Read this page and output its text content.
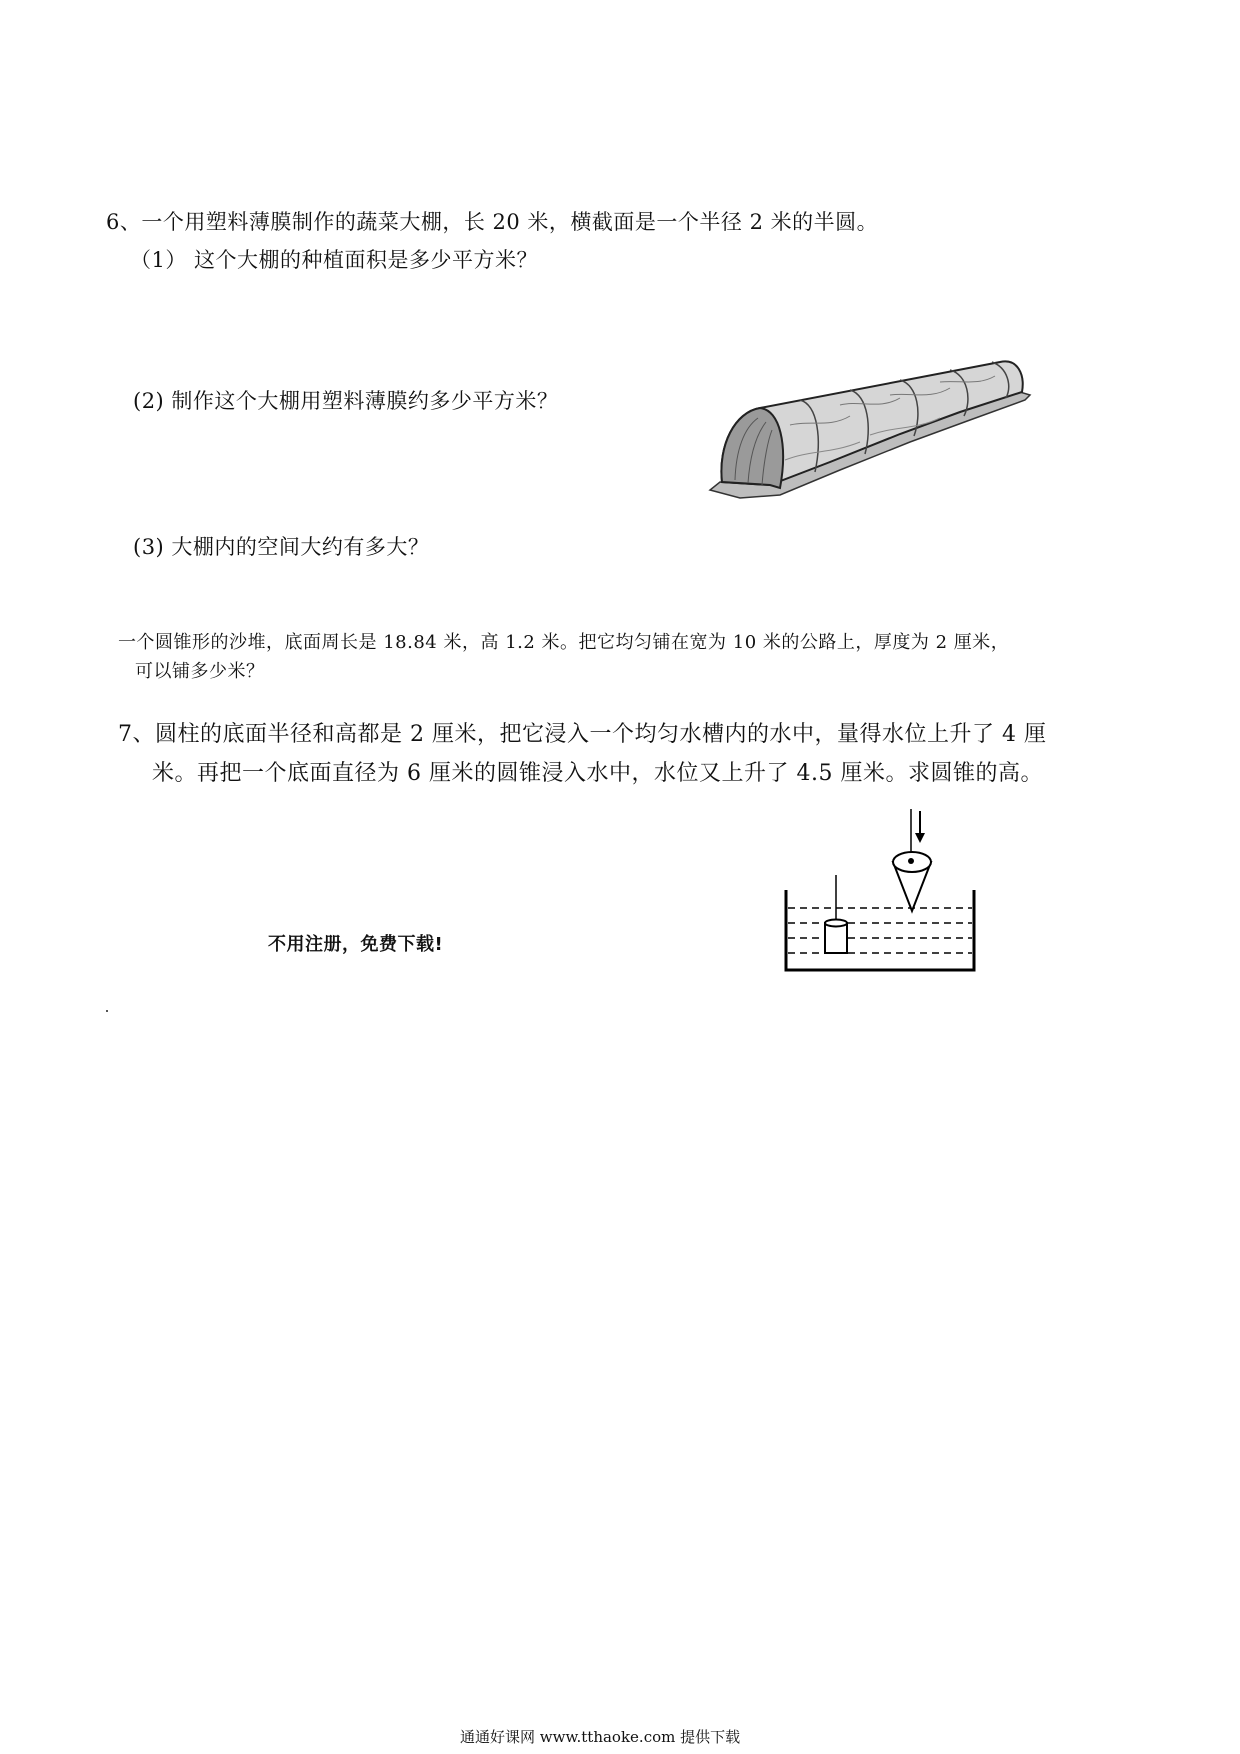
6、一个用塑料薄膜制作的蔬菜大棚，长 20 米，横截面是一个半径 2 米的半圆。
（1） 这个大棚的种植面积是多少平方米？
(2) 制作这个大棚用塑料薄膜约多少平方米？
(3) 大棚内的空间大约有多大？
一个圆锥形的沙堆，底面周长是 18.84 米，高 1.2 米。把它均匀铺在宽为 10 米的公路上，厚度为 2 厘米，
可以铺多少米？
7、圆柱的底面半径和高都是 2 厘米，把它浸入一个均匀水槽内的水中，量得水位上升了 4 厘
米。再把一个底面直径为 6 厘米的圆锥浸入水中，水位又上升了 4.5 厘米。求圆锥的高。
不用注册，免费下载!
通通好课网 www.tthaoke.com 提供下载
